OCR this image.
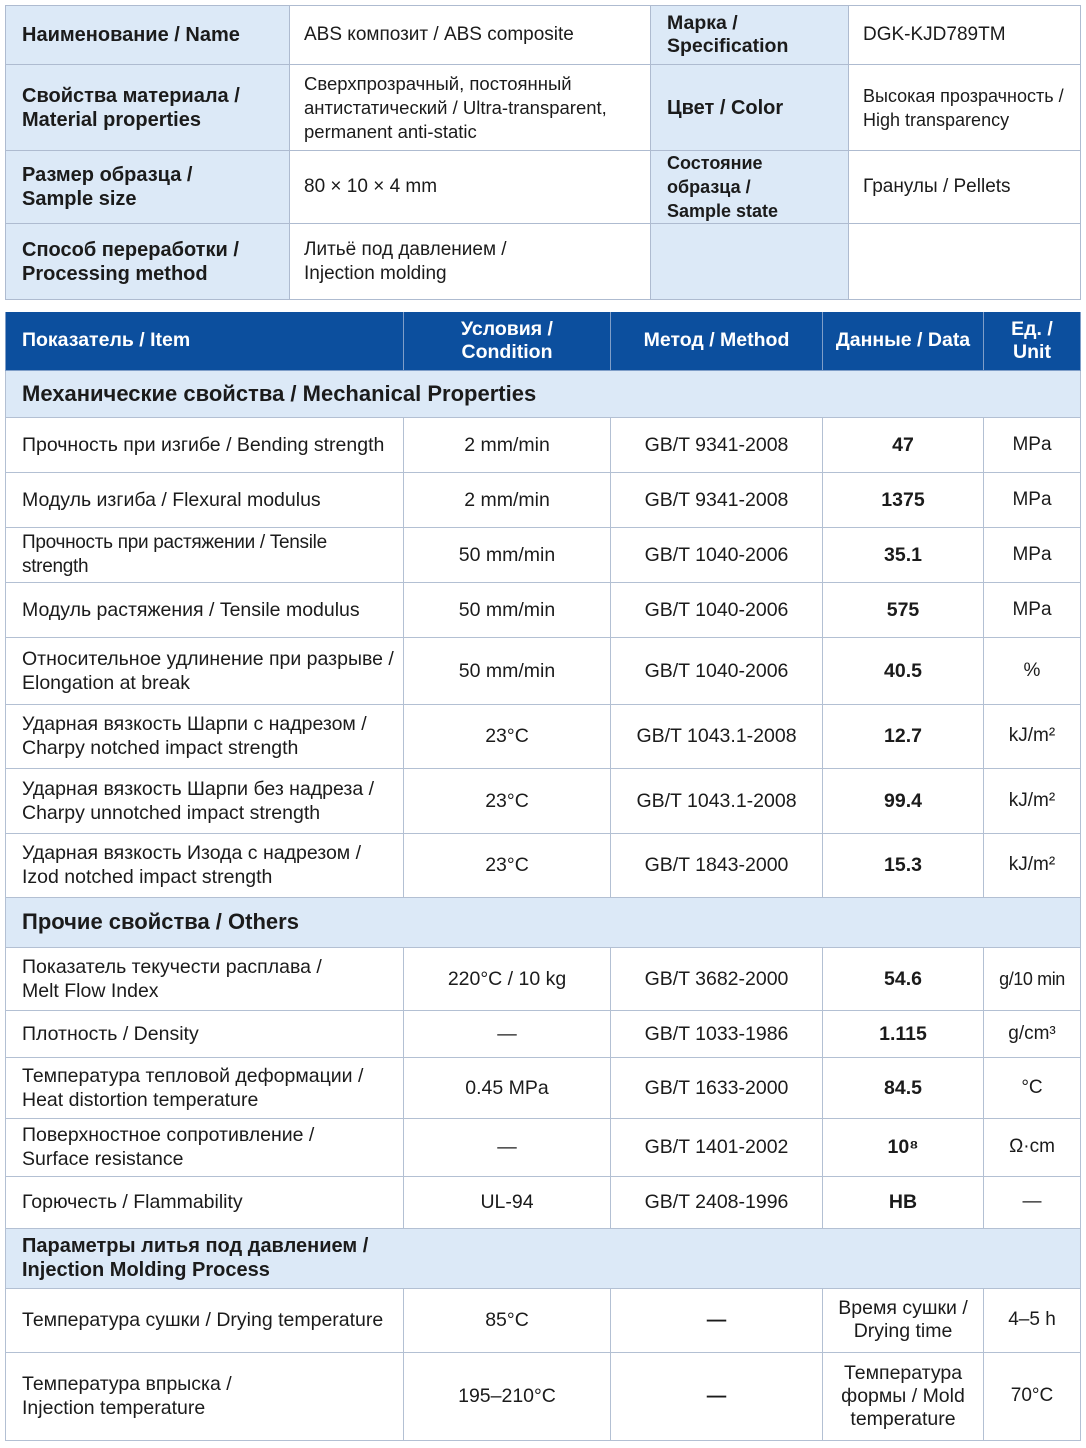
Наименование / Name	ABS композит / ABS composite	Марка /
Specification	DGK-KJD789TM
Свойства материала /
Material properties	Сверхпрозрачный, постоянный
антистатический / Ultra-transparent,
permanent anti-static	Цвет / Color	Высокая прозрачность /
High transparency
Размер образца /
Sample size	80 × 10 × 4 mm	Состояние образца /
Sample state	Гранулы / Pellets
Способ переработки /
Processing method	Литьё под давлением /
Injection molding		
Показатель / Item	Условия /
Condition	Метод / Method	Данные / Data	Ед. /
Unit
Механические свойства / Mechanical Properties				
Прочность при изгибе / Bending strength	2 mm/min	GB/T 9341-2008	47	MPa
Модуль изгиба / Flexural modulus	2 mm/min	GB/T 9341-2008	1375	MPa
Прочность при растяжении / Tensile strength	50 mm/min	GB/T 1040-2006	35.1	MPa
Модуль растяжения / Tensile modulus	50 mm/min	GB/T 1040-2006	575	MPa
Относительное удлинение при разрыве /
Elongation at break	50 mm/min	GB/T 1040-2006	40.5	%
Ударная вязкость Шарпи с надрезом /
Charpy notched impact strength	23°C	GB/T 1043.1-2008	12.7	kJ/m²
Ударная вязкость Шарпи без надреза /
Charpy unnotched impact strength	23°C	GB/T 1043.1-2008	99.4	kJ/m²
Ударная вязкость Изода с надрезом /
Izod notched impact strength	23°C	GB/T 1843-2000	15.3	kJ/m²
Прочие свойства / Others				
Показатель текучести расплава /
Melt Flow Index	220°C / 10 kg	GB/T 3682-2000	54.6	g/10 min
Плотность / Density	—	GB/T 1033-1986	1.115	g/cm³
Температура тепловой деформации /
Heat distortion temperature	0.45 MPa	GB/T 1633-2000	84.5	°C
Поверхностное сопротивление /
Surface resistance	—	GB/T 1401-2002	10⁸	Ω·cm
Горючесть / Flammability	UL-94	GB/T 2408-1996	HB	—
Параметры литья под давлением /
Injection Molding Process				
Температура сушки / Drying temperature	85°C	—	Время сушки /
Drying time	4–5 h
Температура впрыска /
Injection temperature	195–210°C	—	Температура
формы / Mold
temperature	70°C
